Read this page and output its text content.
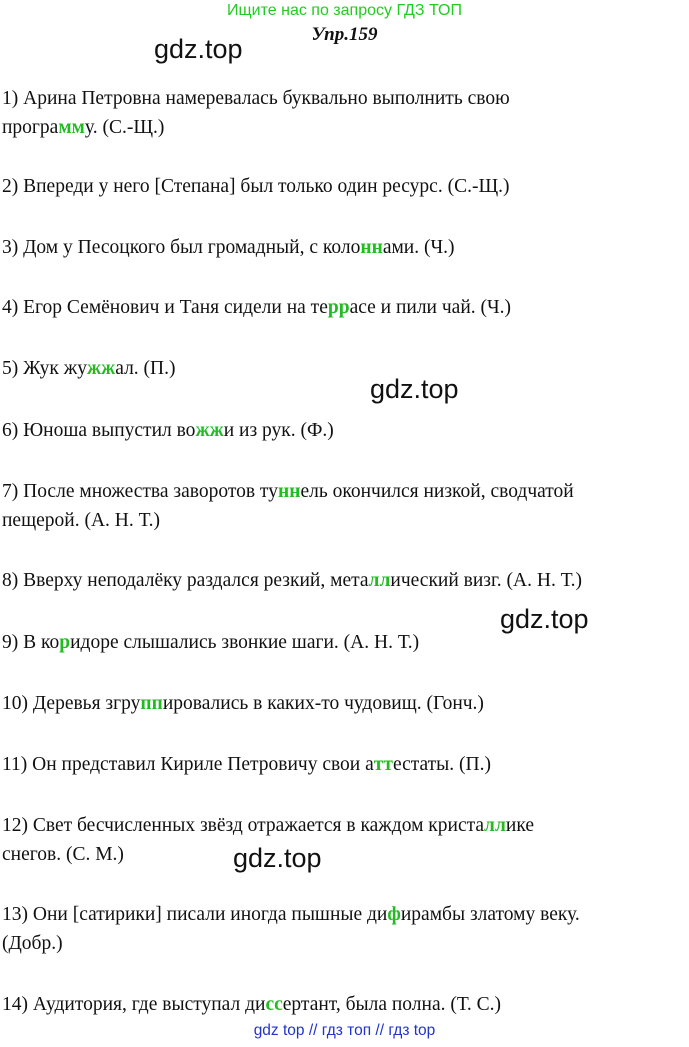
Ищите нас по запросу ГДЗ ТОП
Упр.159
gdz.top
gdz.top
gdz.top
gdz.top
1) Арина Петровна намеревалась буквально выполнить свою
программу. (С.-Щ.)
2) Впереди у него [Степана] был только один ресурс. (С.-Щ.)
3) Дом у Песоцкого был громадный, с колоннами. (Ч.)
4) Егор Семёнович и Таня сидели на террасе и пили чай. (Ч.)
5) Жук жужжал. (П.)
6) Юноша выпустил вожжи из рук. (Ф.)
7) После множества заворотов туннель окончился низкой, сводчатой
пещерой. (А. Н. Т.)
8) Вверху неподалёку раздался резкий, металлический визг. (А. Н. Т.)
9) В коридоре слышались звонкие шаги. (А. Н. Т.)
10) Деревья згруппировались в каких-то чудовищ. (Гонч.)
11) Он представил Кириле Петровичу свои аттестаты. (П.)
12) Свет бесчисленных звёзд отражается в каждом кристаллике
снегов. (С. М.)
13) Они [сатирики] писали иногда пышные дифирамбы златому веку.
(Добр.)
14) Аудитория, где выступал диссертант, была полна. (Т. С.)
gdz top // гдз топ // гдз top
